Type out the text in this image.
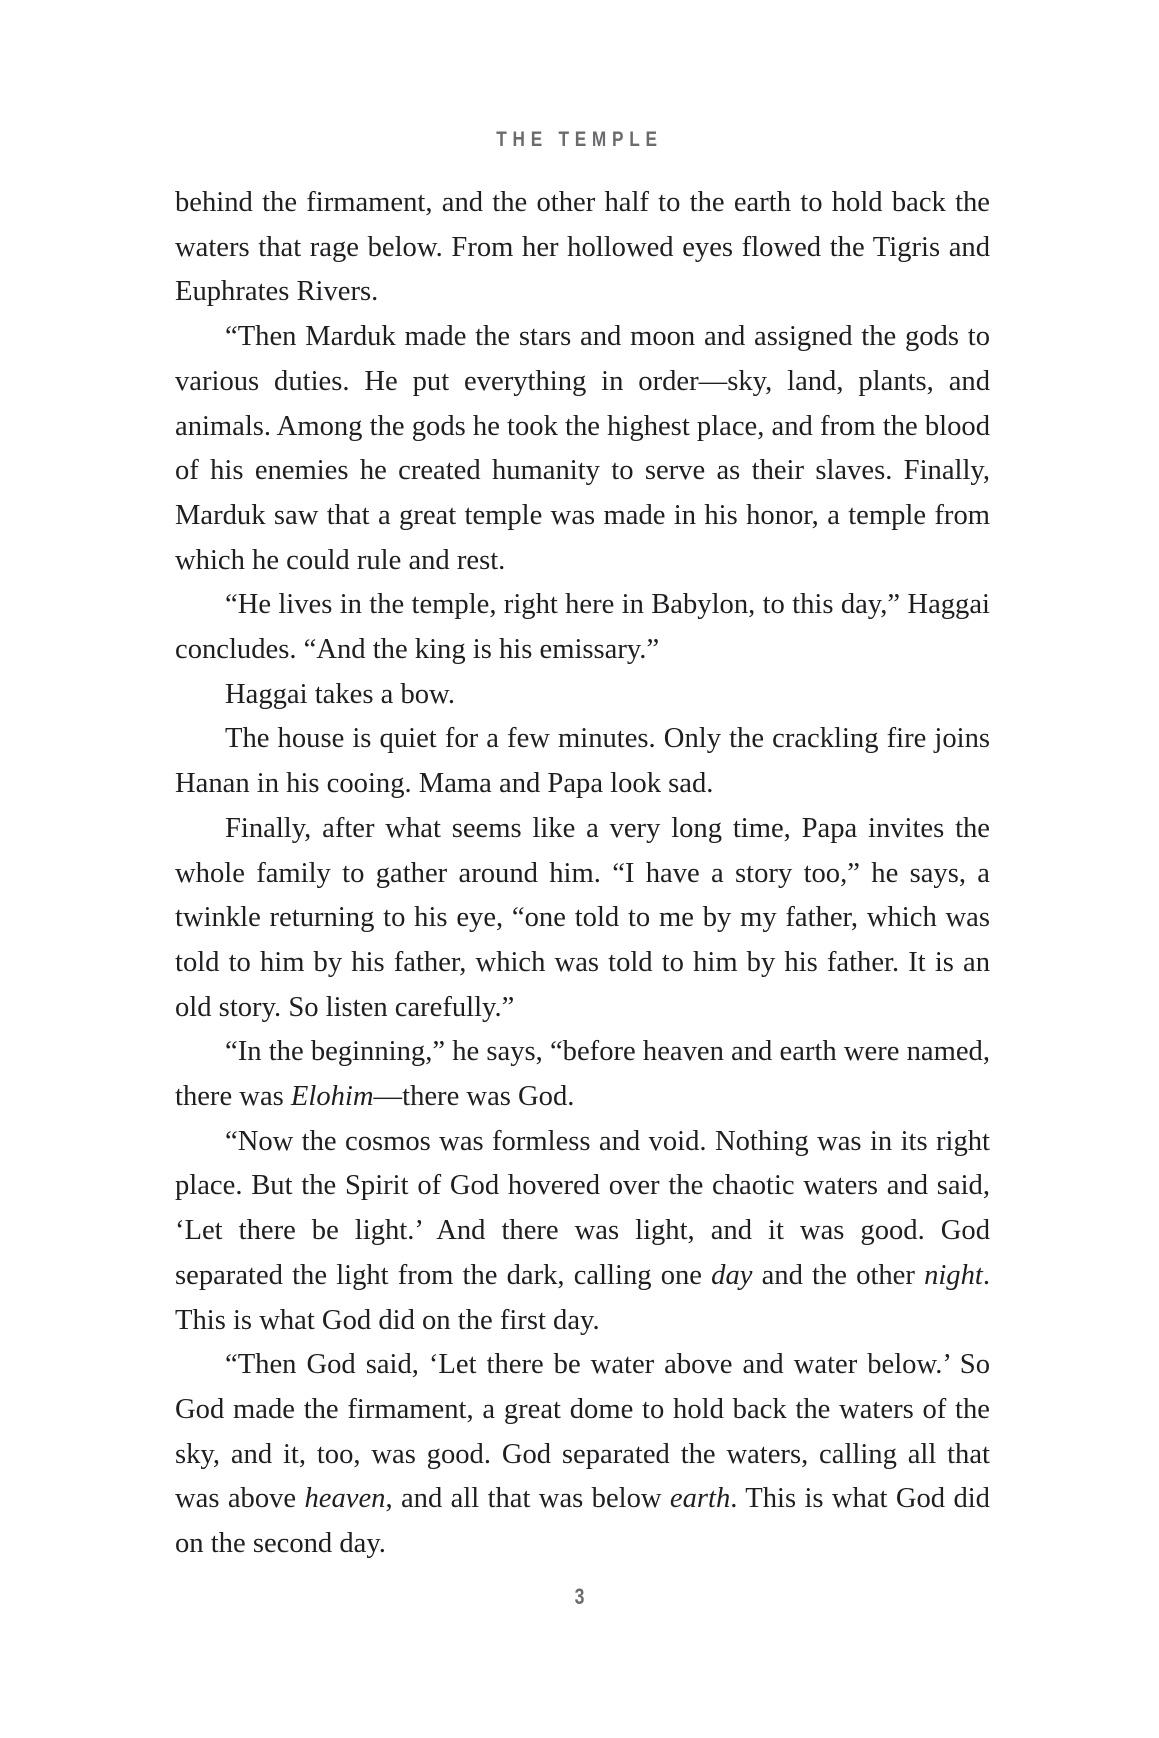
THE TEMPLE

behind the firmament, and the other half to the earth to hold back the waters that rage below. From her hollowed eyes flowed the Tigris and Euphrates Rivers.

“Then Marduk made the stars and moon and assigned the gods to various duties. He put everything in order—sky, land, plants, and animals. Among the gods he took the highest place, and from the blood of his enemies he created humanity to serve as their slaves. Finally, Marduk saw that a great temple was made in his honor, a temple from which he could rule and rest.

“He lives in the temple, right here in Babylon, to this day,” Haggai concludes. “And the king is his emissary.”

Haggai takes a bow.

The house is quiet for a few minutes. Only the crackling fire joins Hanan in his cooing. Mama and Papa look sad.

Finally, after what seems like a very long time, Papa invites the whole family to gather around him. “I have a story too,” he says, a twinkle returning to his eye, “one told to me by my father, which was told to him by his father, which was told to him by his father. It is an old story. So listen carefully.”

“In the beginning,” he says, “before heaven and earth were named, there was Elohim—there was God.

“Now the cosmos was formless and void. Nothing was in its right place. But the Spirit of God hovered over the chaotic waters and said, ‘Let there be light.’ And there was light, and it was good. God separated the light from the dark, calling one day and the other night. This is what God did on the first day.

“Then God said, ‘Let there be water above and water below.’ So God made the firmament, a great dome to hold back the waters of the sky, and it, too, was good. God separated the waters, calling all that was above heaven, and all that was below earth. This is what God did on the second day.

3
